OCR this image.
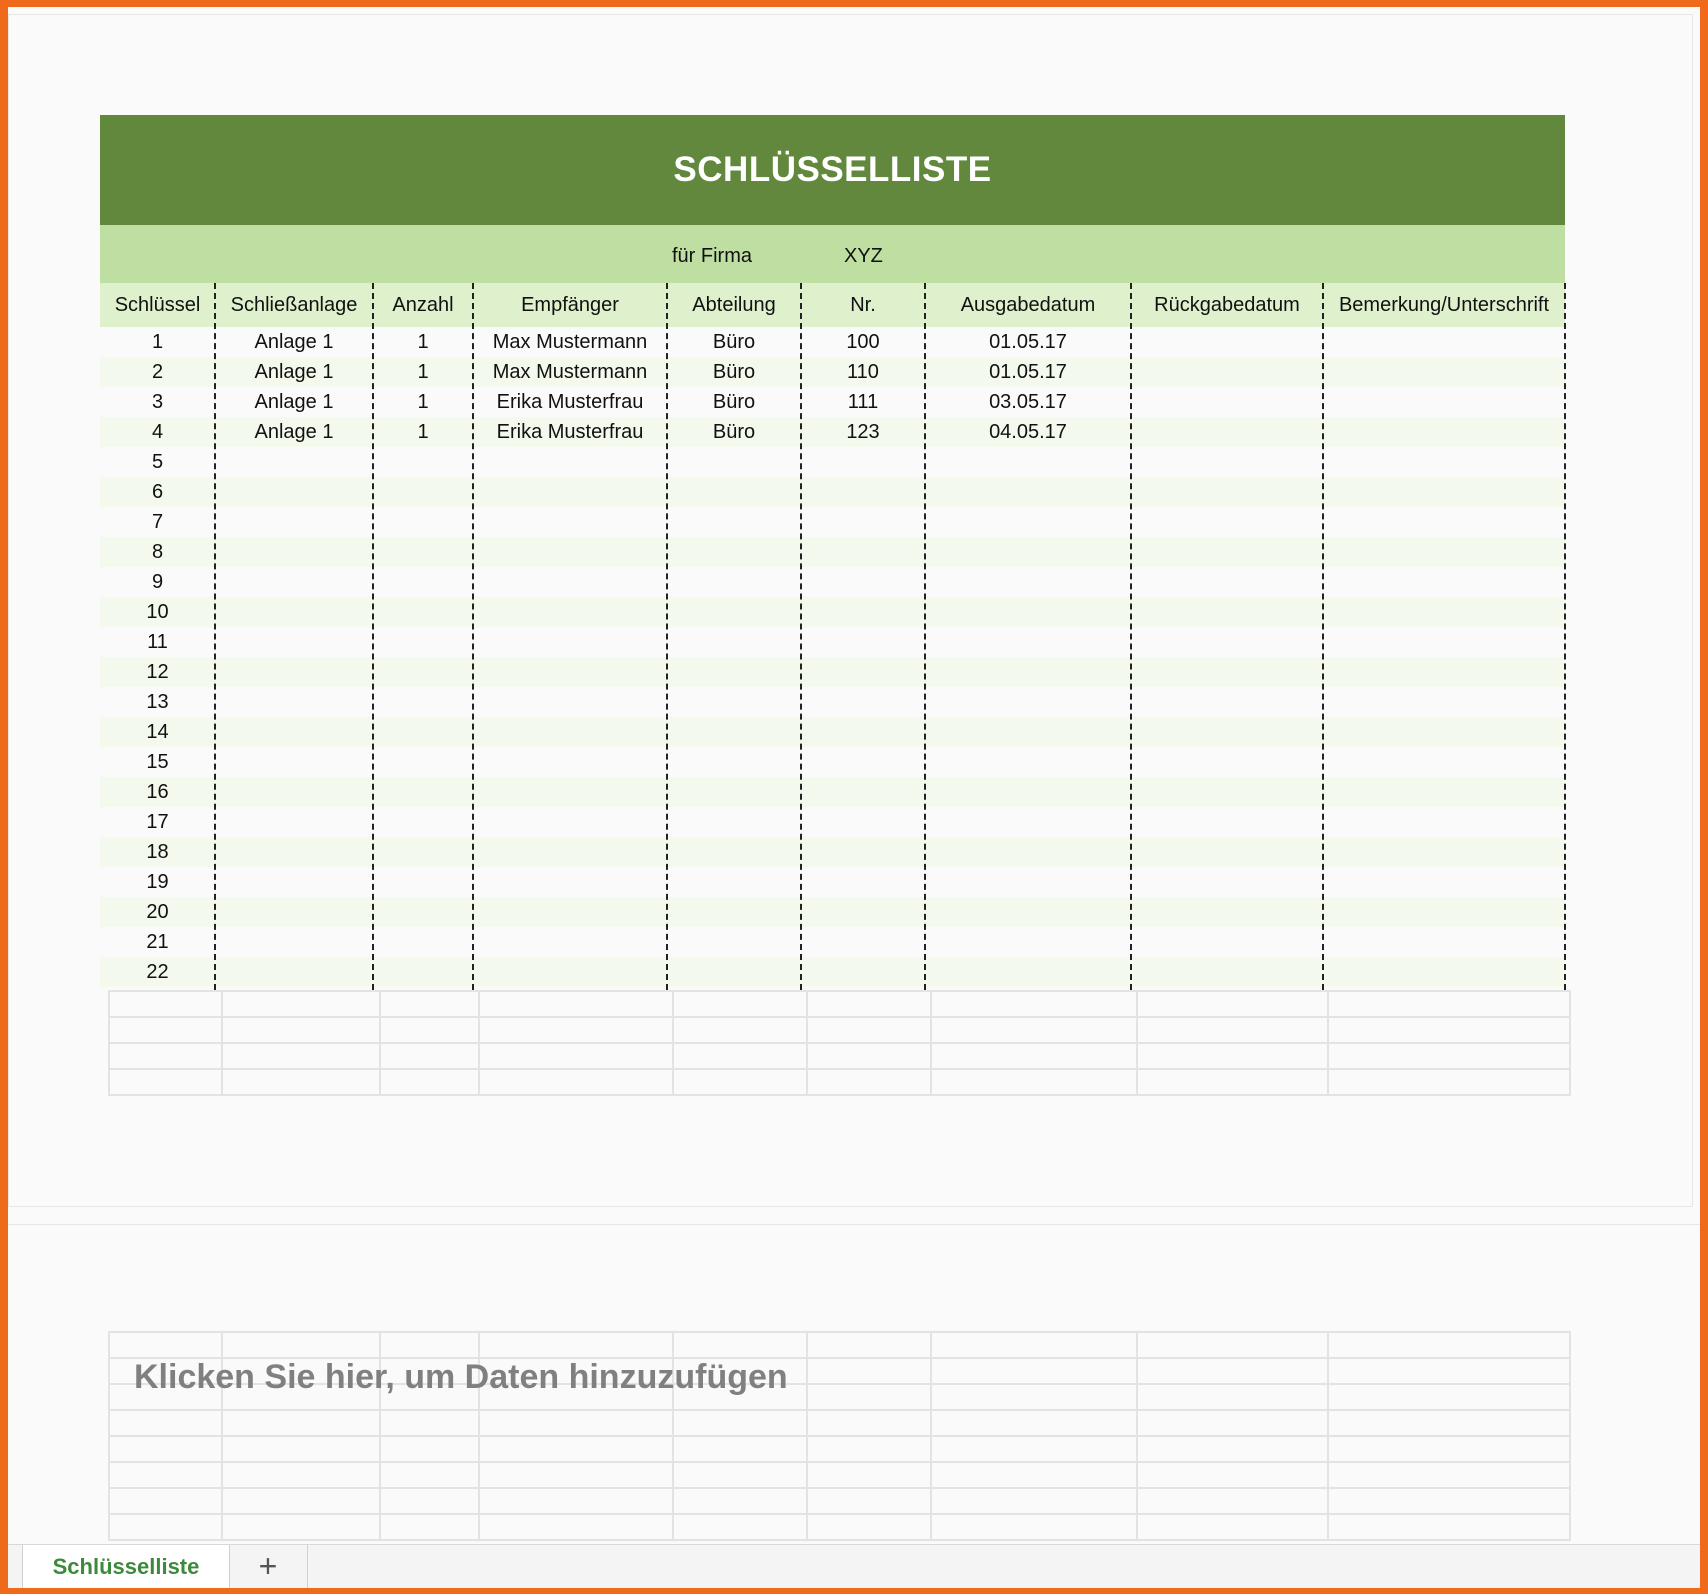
SCHLÜSSELLISTE
für Firma	XYZ
Schlüssel	Schließanlage	Anzahl	Empfänger	Abteilung	Nr.	Ausgabedatum	Rückgabedatum	Bemerkung/Unterschrift
1	Anlage 1	1	Max Mustermann	Büro	100	01.05.17
2	Anlage 1	1	Max Mustermann	Büro	110	01.05.17
3	Anlage 1	1	Erika Musterfrau	Büro	111	03.05.17
4	Anlage 1	1	Erika Musterfrau	Büro	123	04.05.17
5
6
7
8
9
10
11
12
13
14
15
16
17
18
19
20
21
22
Klicken Sie hier, um Daten hinzuzufügen
Schlüsselliste	+
